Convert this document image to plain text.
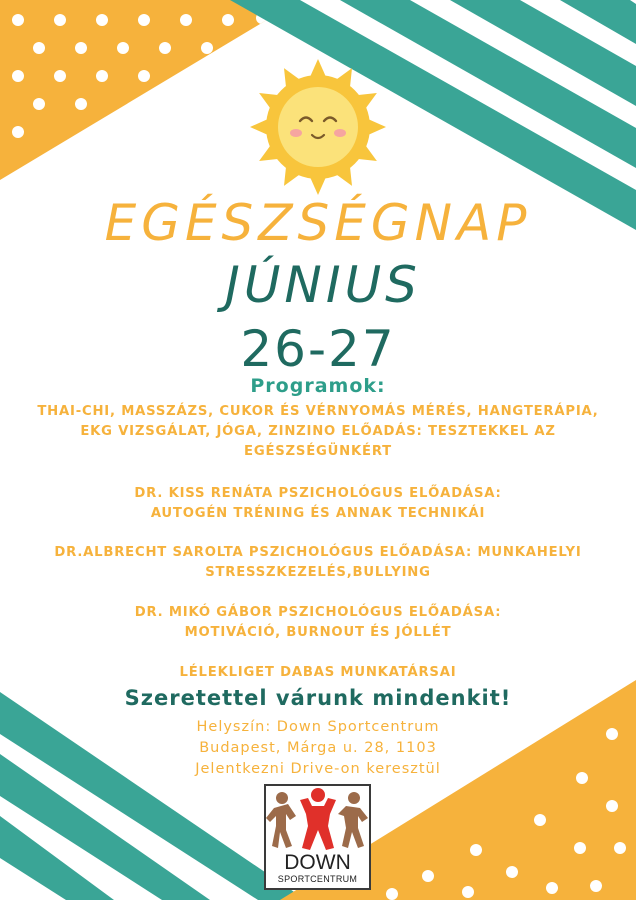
EGÉSZSÉGNAP
JÚNIUS
26-27
Programok:
THAI-CHI, MASSZÁZS, CUKOR ÉS VÉRNYOMÁS MÉRÉS, HANGTERÁPIA,
EKG VIZSGÁLAT, JÓGA, ZINZINO ELŐADÁS: TESZTEKKEL AZ
EGÉSZSÉGÜNKÉRT
DR. KISS RENÁTA PSZICHOLÓGUS ELŐADÁSA:
AUTOGÉN TRÉNING ÉS ANNAK TECHNIKÁI
DR.ALBRECHT SAROLTA PSZICHOLÓGUS ELŐADÁSA: MUNKAHELYI
STRESSZKEZELÉS,BULLYING
DR. MIKÓ GÁBOR PSZICHOLÓGUS ELŐADÁSA:
MOTIVÁCIÓ, BURNOUT ÉS JÓLLÉT
LÉLEKLIGET DABAS MUNKATÁRSAI
Szeretettel várunk mindenkit!
Helyszín: Down Sportcentrum
Budapest, Márga u. 28, 1103
Jelentkezni Drive-on keresztül
DOWN
SPORTCENTRUM
